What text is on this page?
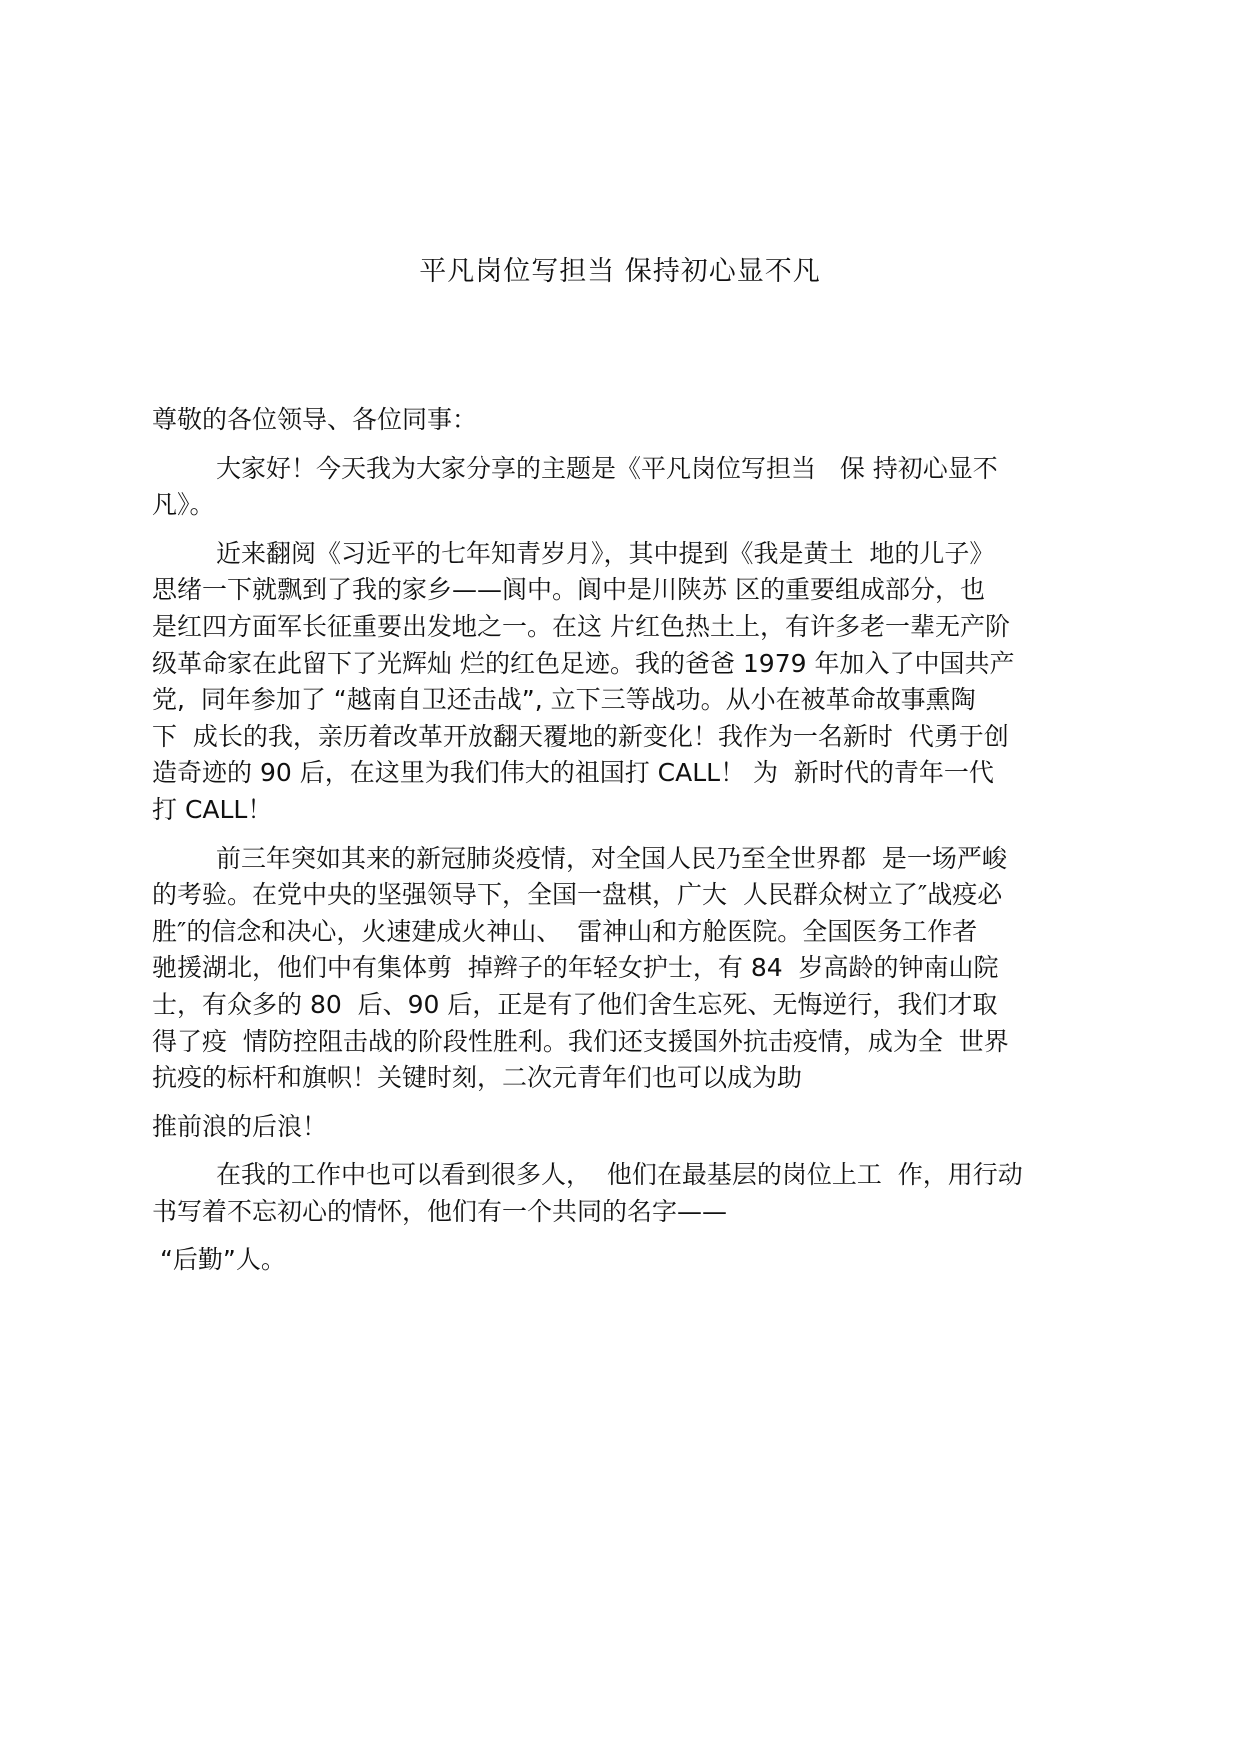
平凡岗位写担当 保持初心显不凡
尊敬的各位领导、各位同事：
大家好！今天我为大家分享的主题是《平凡岗位写担当   保 持初心显不
凡》。
近来翻阅《习近平的七年知青岁月》，其中提到《我是黄土  地的儿子》
思绪一下就飘到了我的家乡——阆中。阆中是川陕苏 区的重要组成部分，也
是红四方面军长征重要出发地之一。在这 片红色热土上，有许多老一辈无产阶
级革命家在此留下了光辉灿 烂的红色足迹。我的爸爸 1979 年加入了中国共产
党,  同年参加了 “越南自卫还击战”, 立下三等战功。从小在被革命故事熏陶
下  成长的我，亲历着改革开放翻天覆地的新变化！我作为一名新时  代勇于创
造奇迹的 90 后，在这里为我们伟大的祖国打 CALL！ 为  新时代的青年一代
打 CALL！
前三年突如其来的新冠肺炎疫情，对全国人民乃至全世界都  是一场严峻
的考验。在党中央的坚强领导下，全国一盘棋，广大  人民群众树立了″战疫必
胜″的信念和决心，火速建成火神山、  雷神山和方舱医院。全国医务工作者
驰援湖北，他们中有集体剪  掉辫子的年轻女护士，有 84  岁高龄的钟南山院
士，有众多的 80  后、90 后，正是有了他们舍生忘死、无悔逆行，我们才取
得了疫  情防控阻击战的阶段性胜利。我们还支援国外抗击疫情，成为全  世界
抗疫的标杆和旗帜！关键时刻，二次元青年们也可以成为助
推前浪的后浪！
在我的工作中也可以看到很多人，  他们在最基层的岗位上工  作，用行动
书写着不忘初心的情怀，他们有一个共同的名字——
“后勤”人。
